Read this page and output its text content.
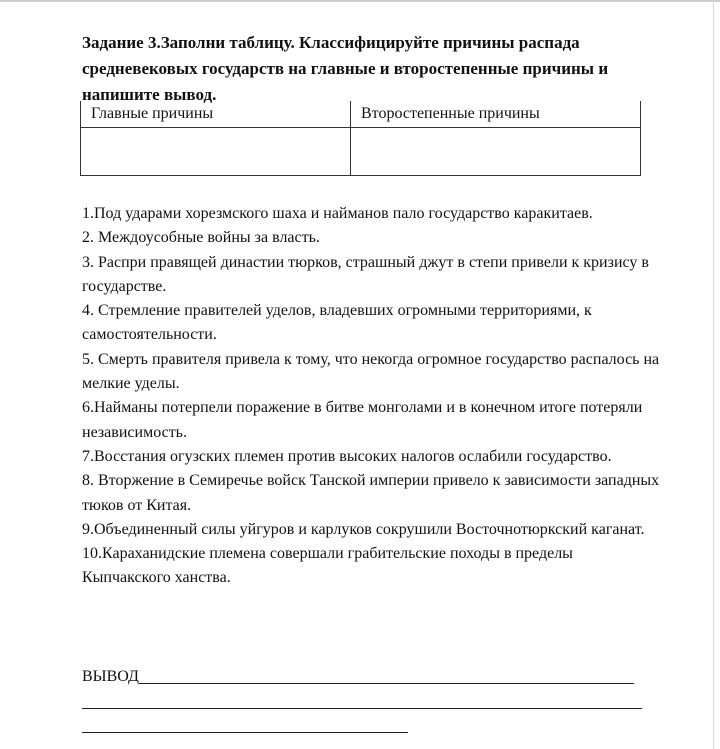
Задание 3.Заполни таблицу. Классифицируйте причины распада средневековых государств на главные и второстепенные причины и напишите вывод.
Главные причины	Второстепенные причины

1.Под ударами хорезмского шаха и найманов пало государство каракитаев.
2. Междоусобные войны за власть.
3. Распри правящей династии тюрков, страшный джут в степи привели к кризису в государстве.
4. Стремление правителей уделов, владевших огромными территориями, к самостоятельности.
5. Смерть правителя привела к тому, что некогда огромное государство распалось на мелкие уделы.
6.Найманы потерпели поражение в битве монголами и в конечном итоге потеряли независимость.
7.Восстания огузских племен против высоких налогов ослабили государство.
8. Вторжение в Семиречье войск Танской империи привело к зависимости западных тюков от Китая.
9.Объединенный силы уйгуров и карлуков сокрушили Восточнотюркский каганат.
10.Караханидские племена совершали грабительские походы в пределы Кыпчакского ханства.
ВЫВОД
